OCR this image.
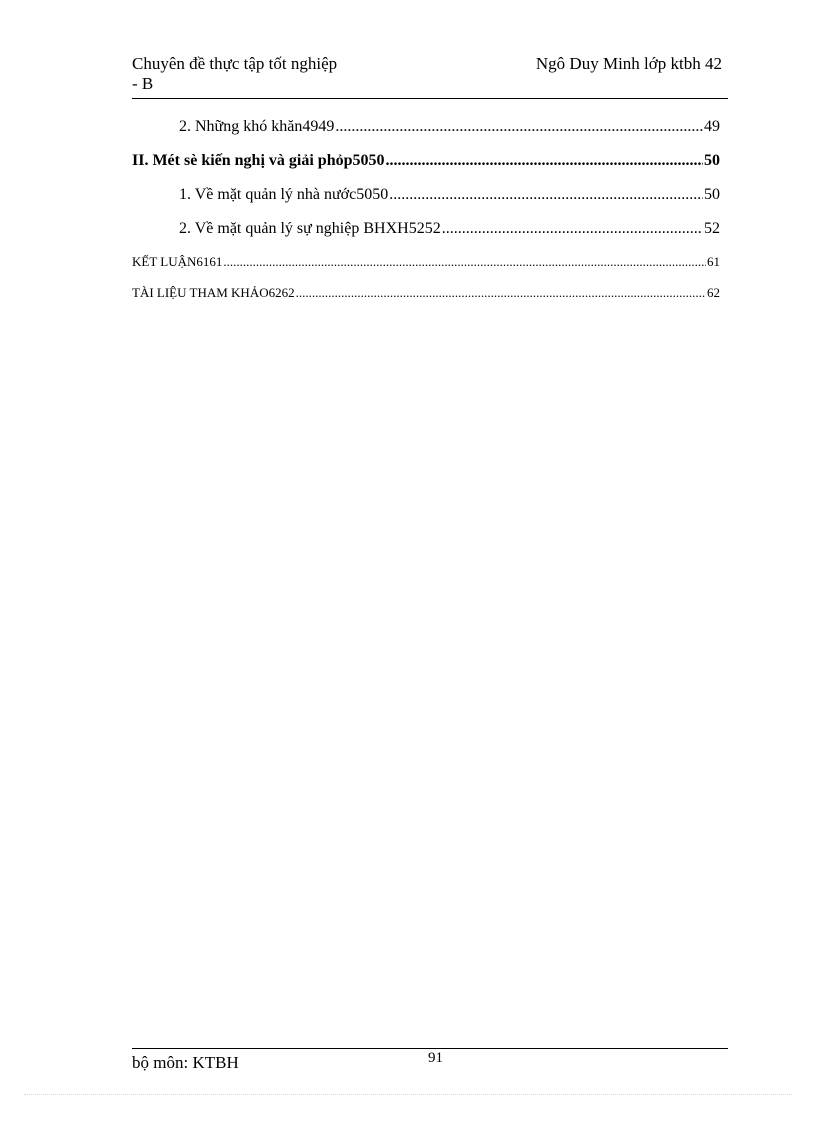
Chuyên đề thực tập tốt nghiệp
- B
Ngô Duy Minh lớp ktbh 42
2. Những khó khăn4949 .....	49
II. Mét sè kiến nghị và giải phỏp5050 .....	50
1. Về mặt quản lý nhà nước5050 .....	50
2. Về mặt quản lý sự nghiệp BHXH5252 .....	52
KẾT LUẬN6161 .....	61
TÀI LIỆU THAM KHẢO6262 .....	62
bộ môn: KTBH	91
